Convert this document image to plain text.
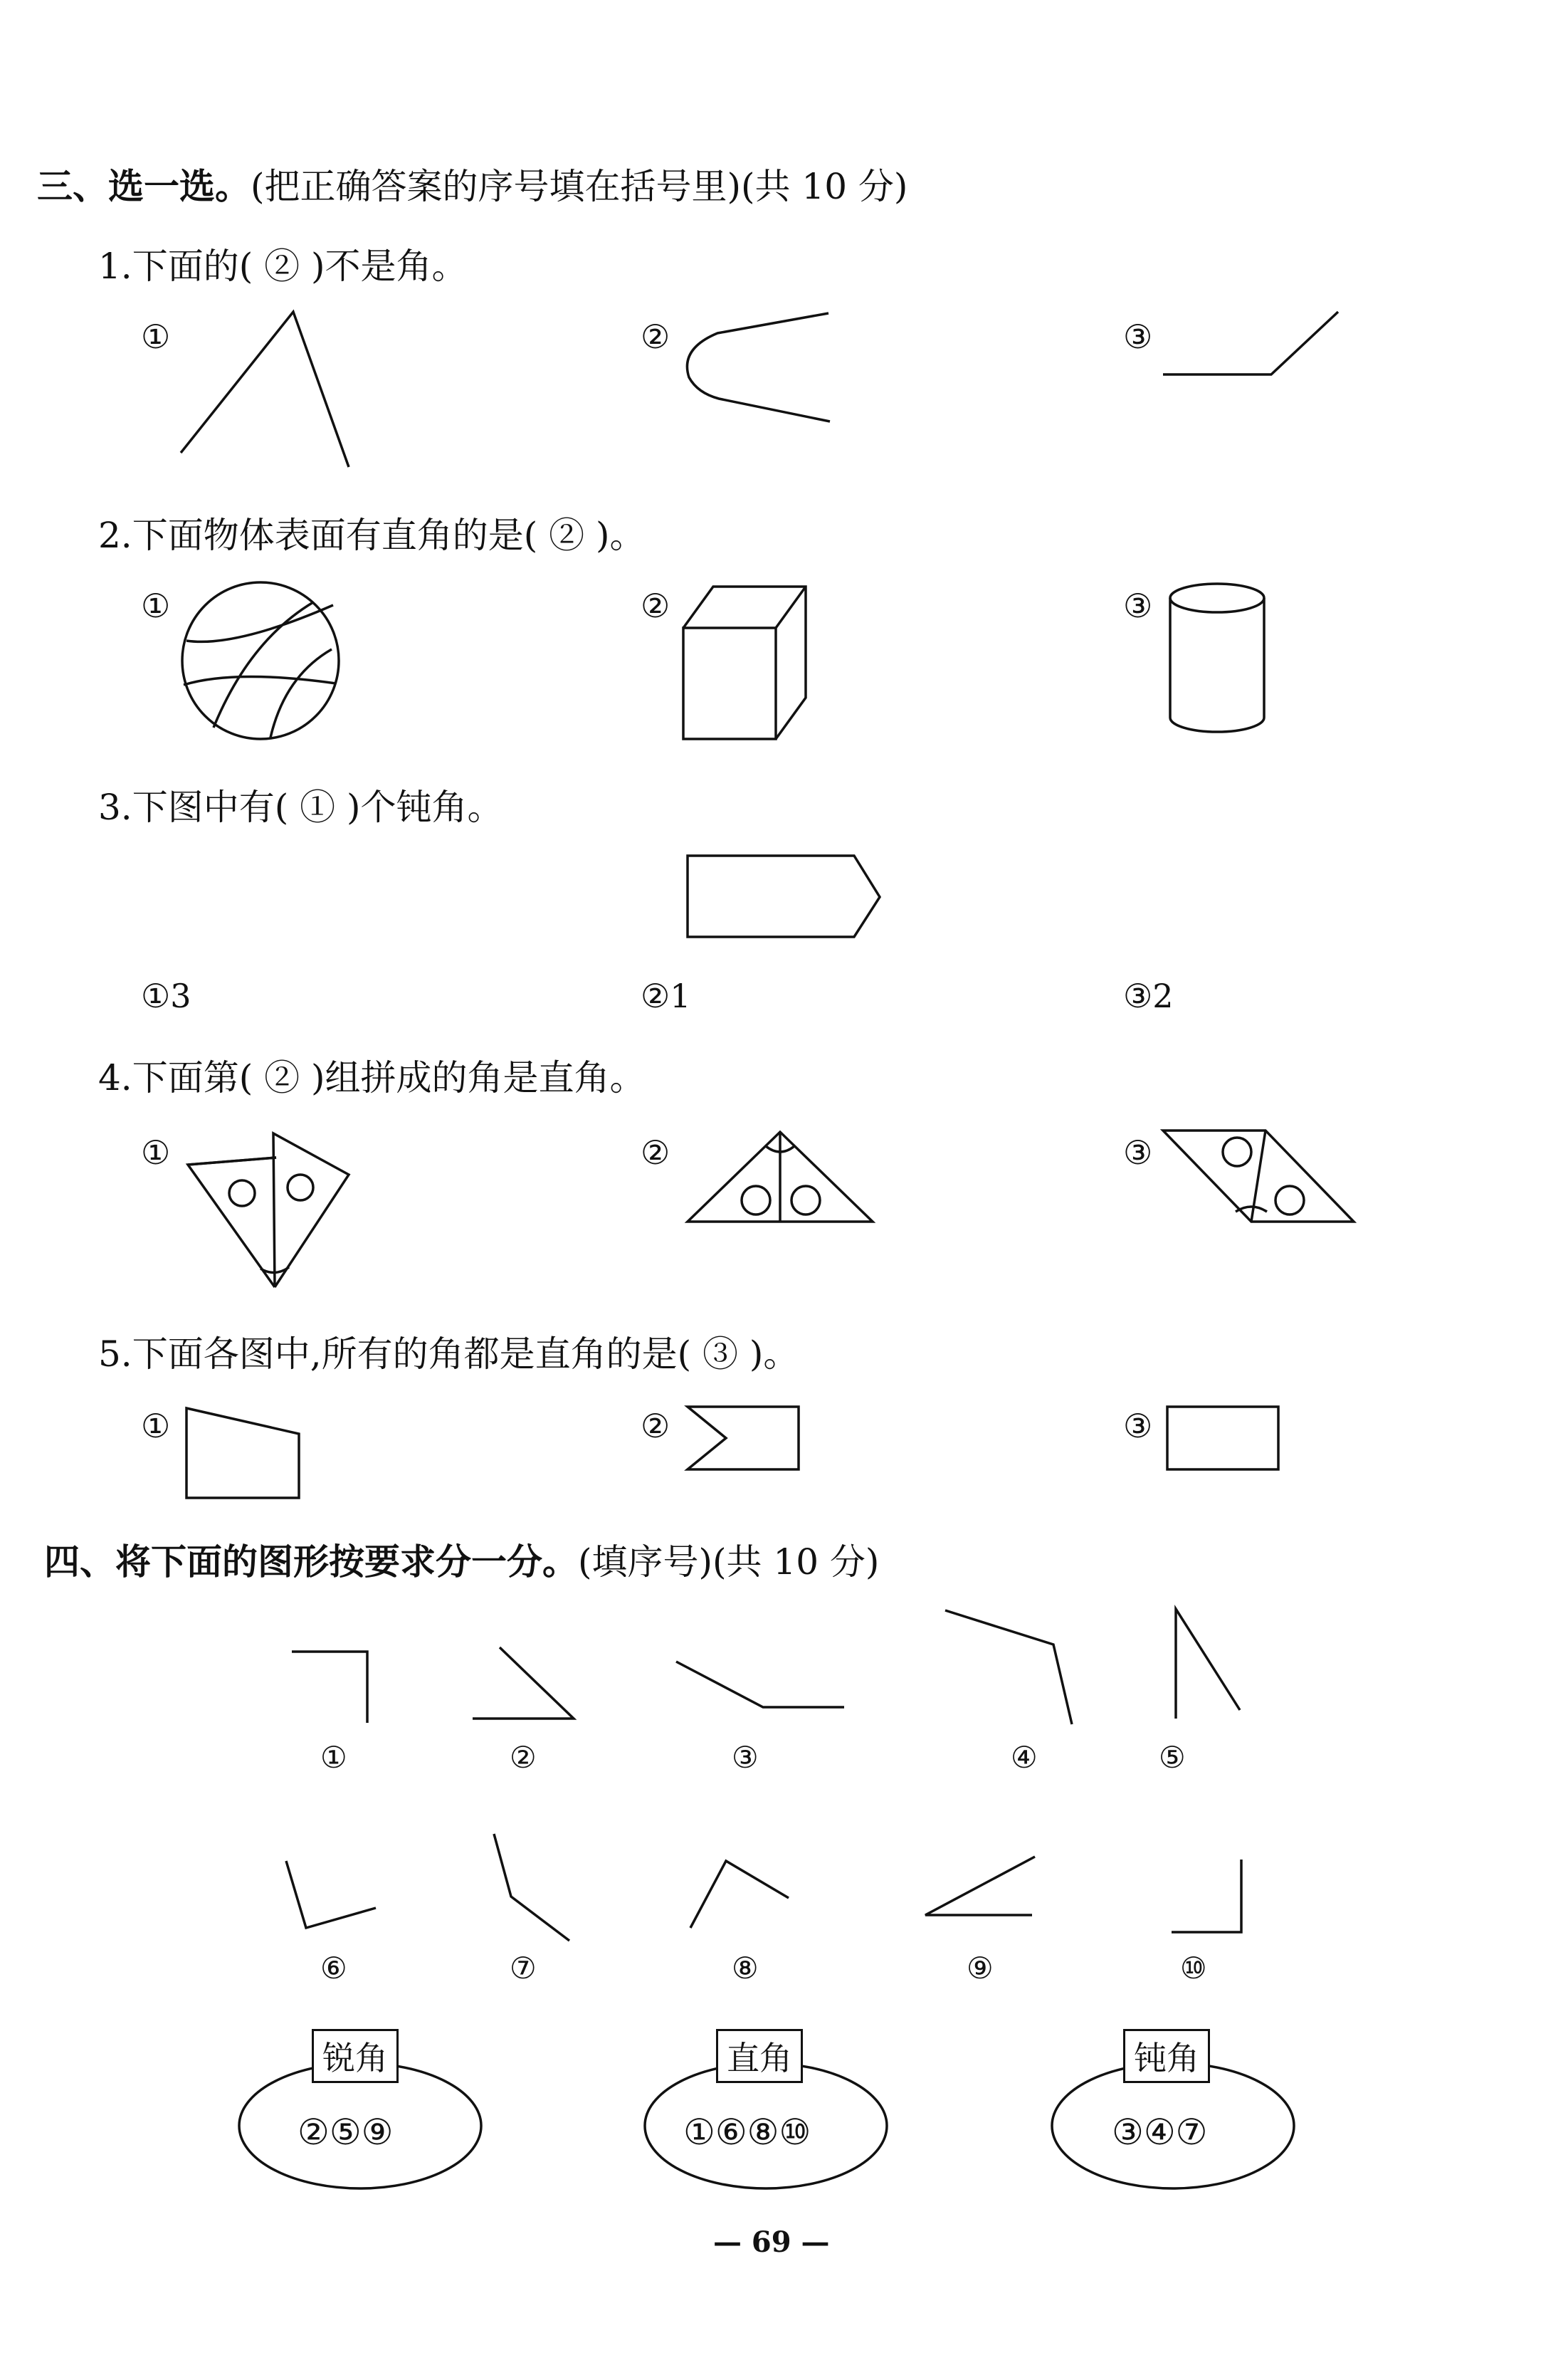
三、选一选。(把正确答案的序号填在括号里)(共 10 分)
1.下面的( ② )不是角。
①	②	③
2.下面物体表面有直角的是( ② )。
①	②	③
3.下图中有( ① )个钝角。
①3	②1	③2
4.下面第( ② )组拼成的角是直角。
①	②	③
5.下面各图中,所有的角都是直角的是( ③ )。
①	②	③
四、将下面的图形按要求分一分。(填序号)(共 10 分)
①	②	③	④	⑤
⑥	⑦	⑧	⑨	⑩
锐角	直角	钝角
②⑤⑨	①⑥⑧⑩	③④⑦
— 69 —
